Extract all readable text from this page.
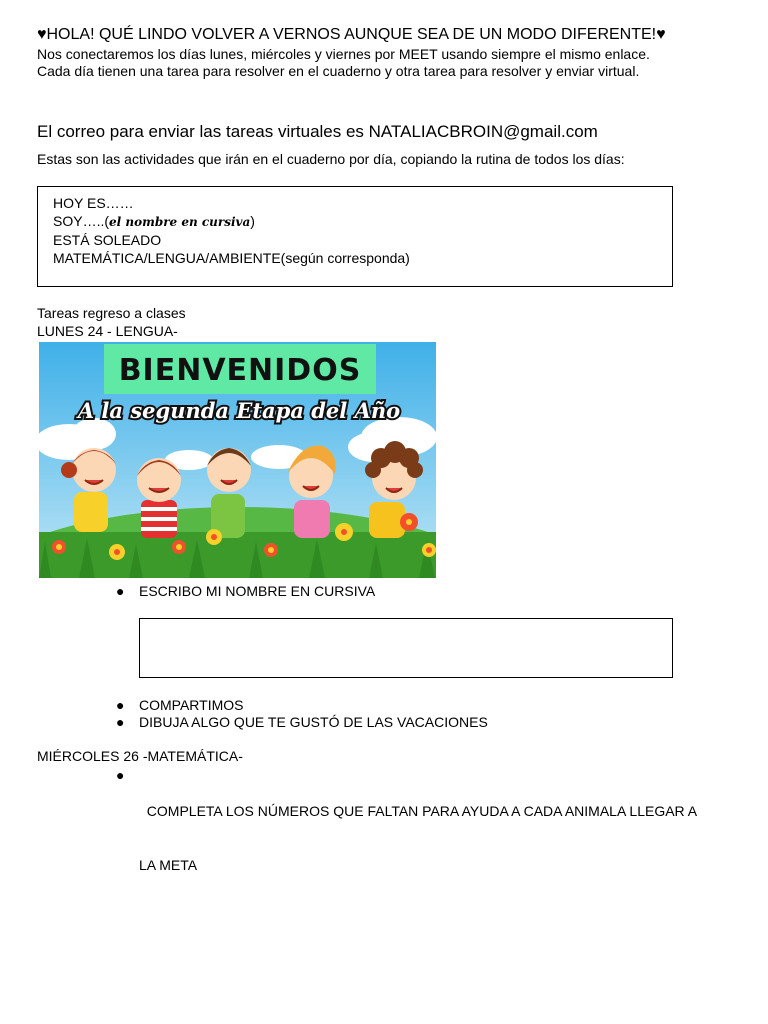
♥HOLA! QUÉ LINDO VOLVER A VERNOS AUNQUE SEA DE UN MODO DIFERENTE!♥
Nos conectaremos los días lunes, miércoles y viernes por MEET usando siempre el mismo enlace.
Cada día tienen una tarea para resolver en el cuaderno y otra tarea para resolver y enviar virtual.
El correo para enviar las tareas virtuales es NATALIACBROIN@gmail.com
Estas son las actividades que irán en el cuaderno por día, copiando la rutina de todos los días:
HOY ES……
SOY…..(el nombre en cursiva)
ESTÁ SOLEADO
MATEMÁTICA/LENGUA/AMBIENTE(según corresponda)
Tareas regreso a clases
LUNES 24 - LENGUA-
BIENVENIDOS
A la segunda Etapa del Año
● ESCRIBO MI NOMBRE EN CURSIVA
● COMPARTIMOS
● DIBUJA ALGO QUE TE GUSTÓ DE LAS VACACIONES
MIÉRCOLES 26 -MATEMÁTICA-
●

COMPLETA LOS NÚMEROS QUE FALTAN PARA AYUDA A CADA ANIMALA LLEGAR A

LA META
